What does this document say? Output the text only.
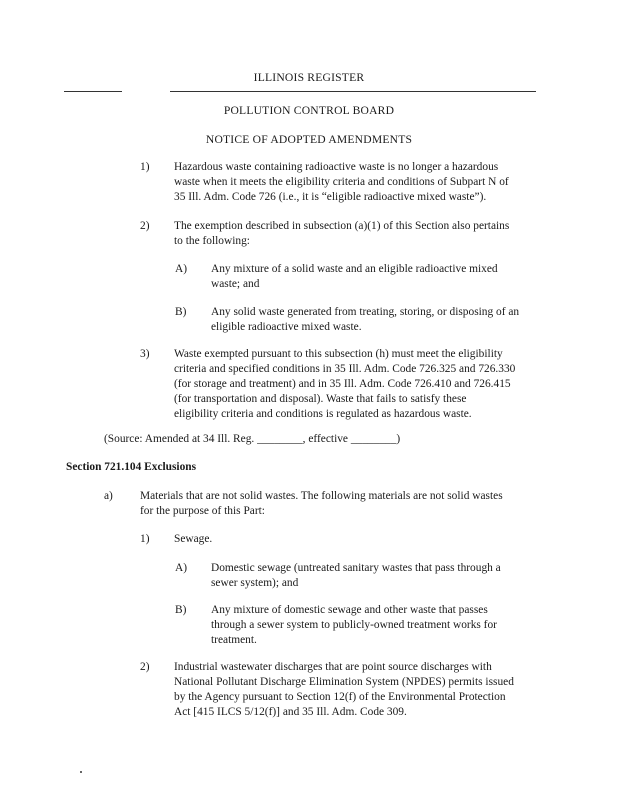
ILLINOIS REGISTER
POLLUTION CONTROL BOARD
NOTICE OF ADOPTED AMENDMENTS
1) Hazardous waste containing radioactive waste is no longer a hazardous
waste when it meets the eligibility criteria and conditions of Subpart N of
35 Ill. Adm. Code 726 (i.e., it is “eligible radioactive mixed waste”).
2) The exemption described in subsection (a)(1) of this Section also pertains
to the following:
A) Any mixture of a solid waste and an eligible radioactive mixed
waste; and
B) Any solid waste generated from treating, storing, or disposing of an
eligible radioactive mixed waste.
3) Waste exempted pursuant to this subsection (h) must meet the eligibility
criteria and specified conditions in 35 Ill. Adm. Code 726.325 and 726.330
(for storage and treatment) and in 35 Ill. Adm. Code 726.410 and 726.415
(for transportation and disposal). Waste that fails to satisfy these
eligibility criteria and conditions is regulated as hazardous waste.
(Source: Amended at 34 Ill. Reg. ________, effective ________)
Section 721.104 Exclusions
a) Materials that are not solid wastes. The following materials are not solid wastes
for the purpose of this Part:
1) Sewage.
A) Domestic sewage (untreated sanitary wastes that pass through a
sewer system); and
B) Any mixture of domestic sewage and other waste that passes
through a sewer system to publicly-owned treatment works for
treatment.
2) Industrial wastewater discharges that are point source discharges with
National Pollutant Discharge Elimination System (NPDES) permits issued
by the Agency pursuant to Section 12(f) of the Environmental Protection
Act [415 ILCS 5/12(f)] and 35 Ill. Adm. Code 309.
